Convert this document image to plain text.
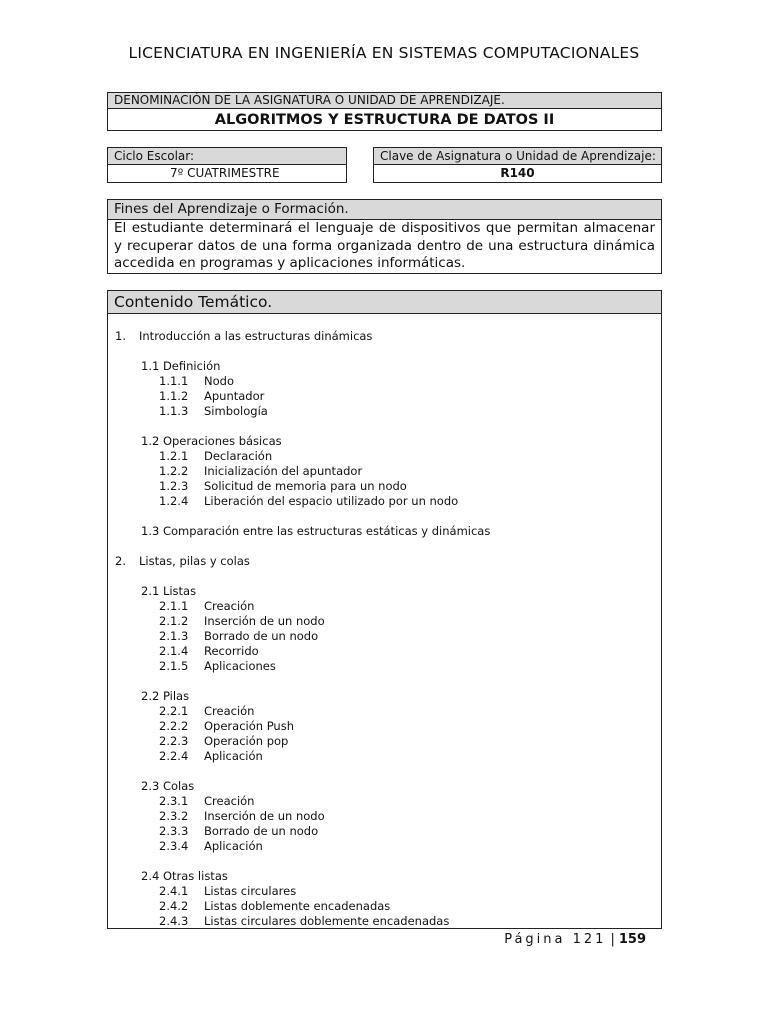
LICENCIATURA EN INGENIERÍA EN SISTEMAS COMPUTACIONALES
DENOMINACIÓN DE LA ASIGNATURA O UNIDAD DE APRENDIZAJE.
ALGORITMOS Y ESTRUCTURA DE DATOS II
Ciclo Escolar:
7º CUATRIMESTRE
Clave de Asignatura o Unidad de Aprendizaje:
R140
Fines del Aprendizaje o Formación.
El estudiante determinará el lenguaje de dispositivos que permitan almacenar y recuperar datos de una forma organizada dentro de una estructura dinámica accedida en programas y aplicaciones informáticas.
Contenido Temático.
1. Introducción a las estructuras dinámicas
1.1 Definición
1.1.1 Nodo
1.1.2 Apuntador
1.1.3 Simbología
1.2 Operaciones básicas
1.2.1 Declaración
1.2.2 Inicialización del apuntador
1.2.3 Solicitud de memoria para un nodo
1.2.4 Liberación del espacio utilizado por un nodo
1.3 Comparación entre las estructuras estáticas y dinámicas
2. Listas, pilas y colas
2.1 Listas
2.1.1 Creación
2.1.2 Inserción de un nodo
2.1.3 Borrado de un nodo
2.1.4 Recorrido
2.1.5 Aplicaciones
2.2 Pilas
2.2.1 Creación
2.2.2 Operación Push
2.2.3 Operación pop
2.2.4 Aplicación
2.3 Colas
2.3.1 Creación
2.3.2 Inserción de un nodo
2.3.3 Borrado de un nodo
2.3.4 Aplicación
2.4 Otras listas
2.4.1 Listas circulares
2.4.2 Listas doblemente encadenadas
2.4.3 Listas circulares doblemente encadenadas
Página 121 | 159
